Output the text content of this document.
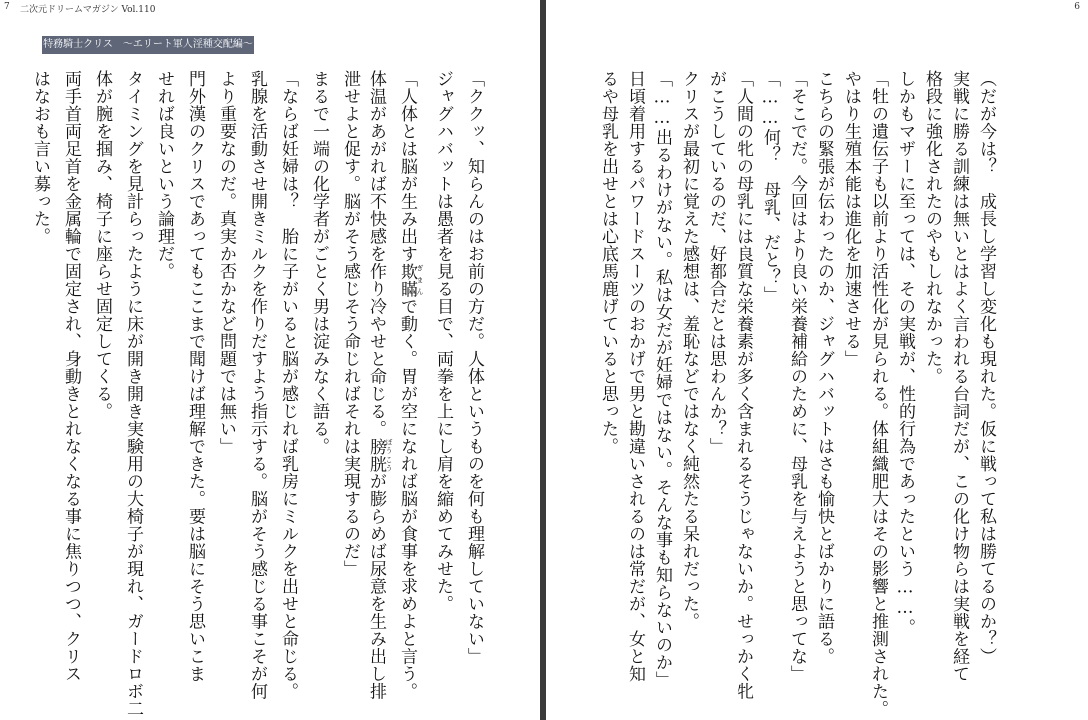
7 二次元ドリームマガジン Vol.110
特務騎士クリス　～エリート軍人淫種交配編～
「ククッ、知らんのはお前の方だ。人体というものを何も理解していない」
ジャグハバットは愚者を見る目で、両拳を上にし肩を縮めてみせた。
「人体とは脳が生み出す欺瞞 ぎまんで動く。胃が空になれば脳が食事を求めよと言う。
体温があがれば不快感を作り冷やせと命じる。膀胱 ぼうこうが膨らめば尿意を生み出し排
泄せよと促す。脳がそう感じそう命じればそれは実現するのだ」
まるで一端の化学者がごとく男は淀みなく語る。
「ならば妊婦は？　胎に子がいると脳が感じれば乳房にミルクを出せと命じる。
乳腺を活動させ開きミルクを作りだすよう指示する。脳がそう感じる事こそが何
より重要なのだ。真実か否かなど問題では無い」
門外漢のクリスであってもここまで聞けば理解できた。要は脳にそう思いこま
せれば良いという論理だ。
タイミングを見計らったように床が開き開き実験用の大椅子が現れ、ガードロボ二
体が腕を掴み、椅子に座らせ固定してくる。
両手首両足首を金属輪で固定され、身動きとれなくなる事に焦りつつ、クリス
はなおも言い募った。
6
（だが今は？　成長し学習し変化も現れた。仮に戦って私は勝てるのか？）
実戦に勝る訓練は無いとはよく言われる台詞だが、この化け物らは実戦を経て
格段に強化されたのやもしれなかった。
しかもマザーに至っては、その実戦が、性的行為であったという……。
「牡の遺伝子も以前より活性化が見られる。体組織肥大はその影響と推測された。
やはり生殖本能は進化を加速させる」
こちらの緊張が伝わったのか、ジャグハバットはさも愉快とばかりに語る。
「そこでだ。今回はより良い栄養補給のために、母乳を与えようと思ってな」
「……何？　母乳、だと？」
「人間の牝の母乳には良質な栄養素が多く含まれるそうじゃないか。せっかく牝
がこうしているのだ、好都合だとは思わんか？」
クリスが最初に覚えた感想は、羞恥などではなく純然たる呆れだった。
「……出るわけがない。私は女だが妊婦ではない。そんな事も知らないのか」
日頃着用するパワードスーツのおかげで男と勘違いされるのは常だが、女と知
るや母乳を出せとは心底馬鹿げていると思った。
